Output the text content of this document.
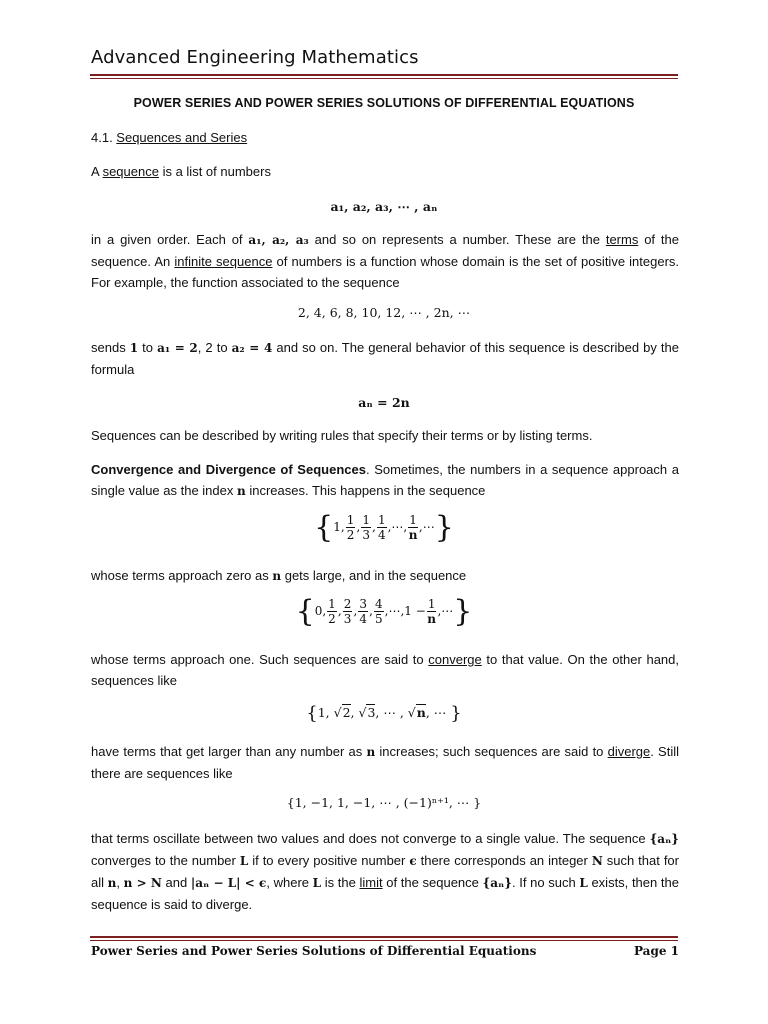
Advanced Engineering Mathematics
POWER SERIES AND POWER SERIES SOLUTIONS OF DIFFERENTIAL EQUATIONS
4.1. Sequences and Series
A sequence is a list of numbers
a₁, a₂, a₃, ⋯ , aₙ
in a given order. Each of a₁, a₂, a₃ and so on represents a number. These are the terms of the sequence. An infinite sequence of numbers is a function whose domain is the set of positive integers. For example, the function associated to the sequence
2, 4, 6, 8, 10, 12, ⋯ , 2n, ⋯
sends 1 to a₁ = 2, 2 to a₂ = 4 and so on. The general behavior of this sequence is described by the formula
aₙ = 2n
Sequences can be described by writing rules that specify their terms or by listing terms.
Convergence and Divergence of Sequences. Sometimes, the numbers in a sequence approach a single value as the index n increases. This happens in the sequence
{1, $\frac{1}{2}$ , $\frac{1}{3}$ , $\frac{1}{4}$ ,⋯, $\frac{1}{n}$ ,⋯}
whose terms approach zero as n gets large, and in the sequence
{0, $\frac{1}{2}$ , $\frac{2}{3}$ , $\frac{3}{4}$ , $\frac{4}{5}$ ,⋯,1 − $\frac{1}{n}$ ,⋯}
whose terms approach one. Such sequences are said to converge to that value. On the other hand, sequences like
{1, √2, √3, ⋯ , √n, ⋯ }
have terms that get larger than any number as n increases; such sequences are said to diverge. Still there are sequences like
{1, −1, 1, −1, ⋯ , (−1)ⁿ⁺¹, ⋯ }
that terms oscillate between two values and does not converge to a single value. The sequence {aₙ} converges to the number L if to every positive number ϵ there corresponds an integer N such that for all n, n > N and |aₙ − L| < ϵ, where L is the limit of the sequence {aₙ}. If no such L exists, then the sequence is said to diverge.
Power Series and Power Series Solutions of Differential Equations	Page 1
